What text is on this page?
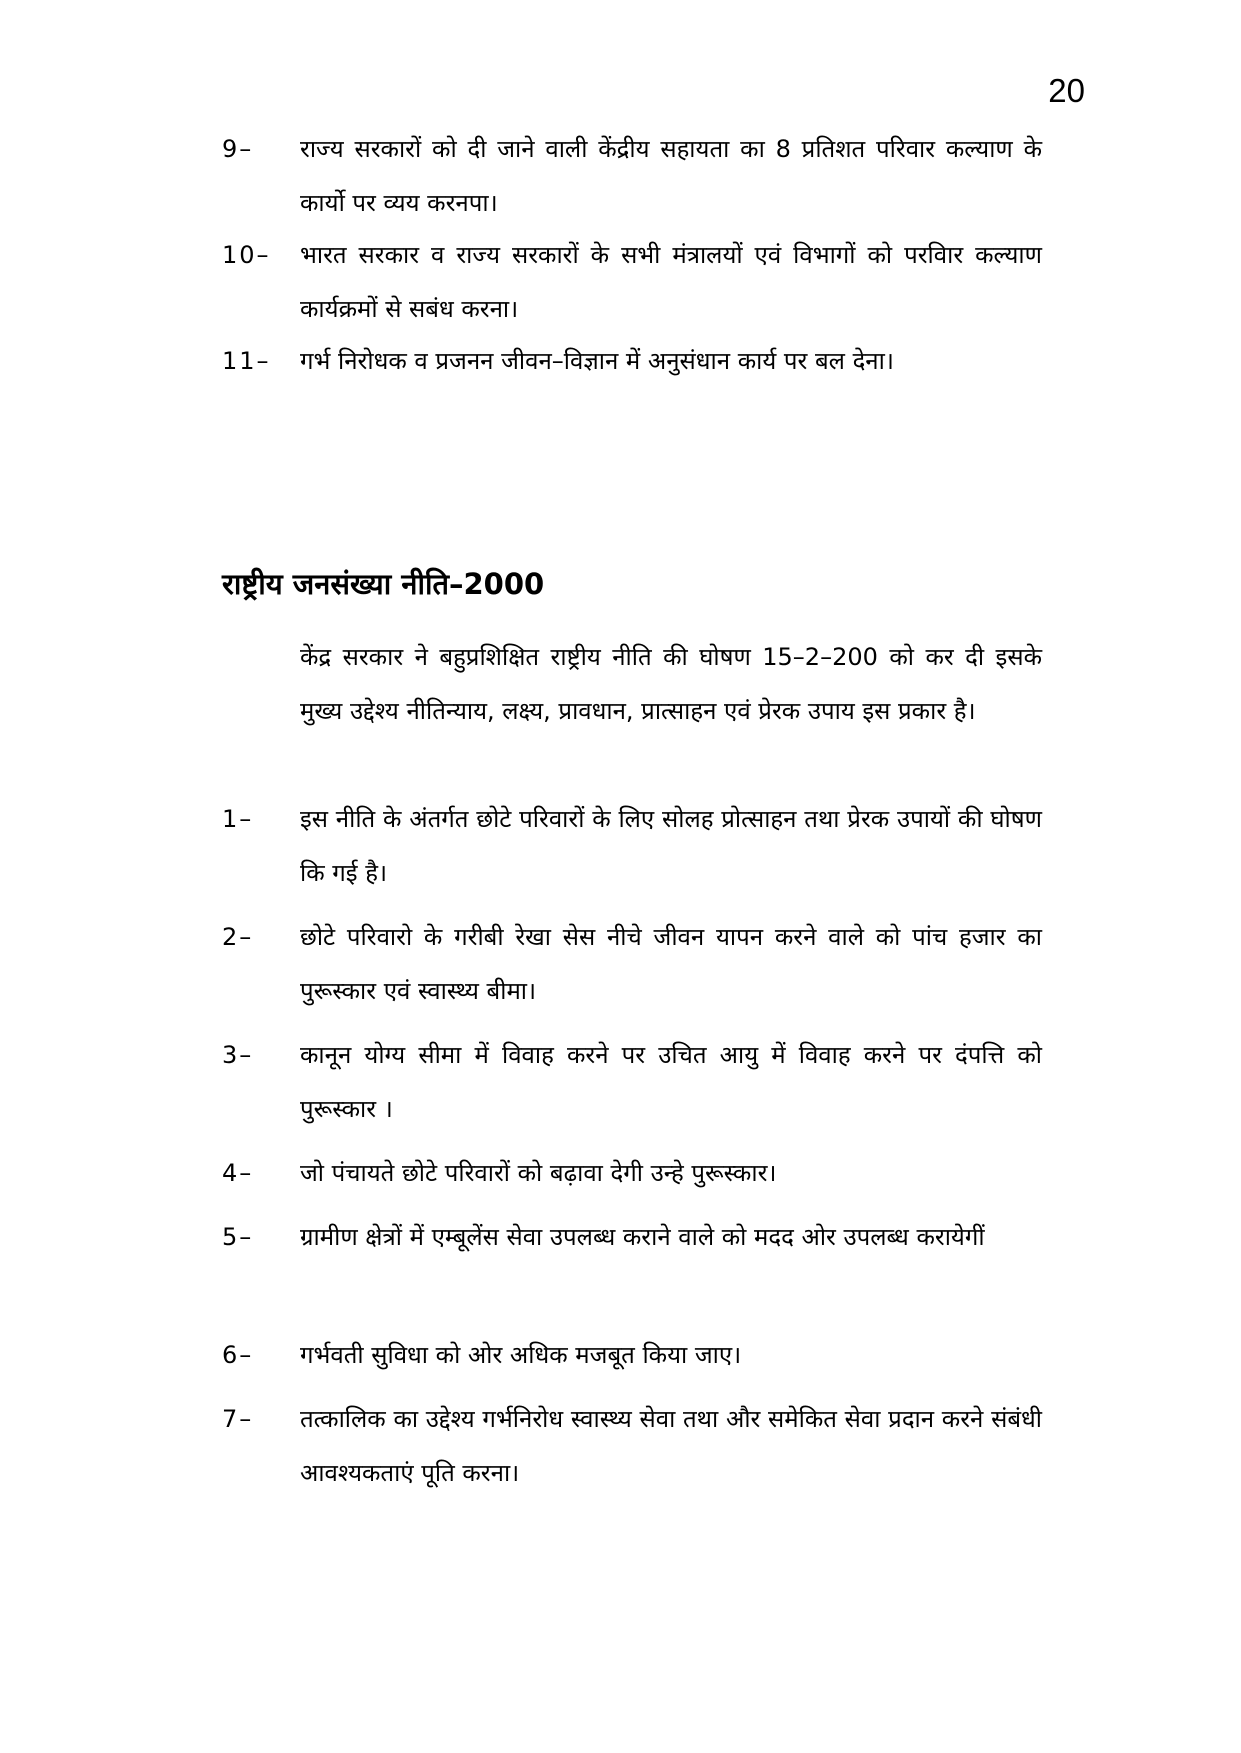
20
9–	राज्य सरकारों को दी जाने वाली केंद्रीय सहायता का 8 प्रतिशत परिवार कल्याण के कार्यो पर व्यय करनपा।
10–	भारत सरकार व राज्य सरकारों के सभी मंत्रालयों एवं विभागों को परविार कल्याण कार्यक्रमों से सबंध करना।
11–	गर्भ निरोधक व प्रजनन जीवन–विज्ञान में अनुसंधान कार्य पर बल देना।
राष्ट्रीय जनसंख्या नीति–2000
केंद्र सरकार ने बहुप्रशिक्षित राष्ट्रीय नीति की घोषण 15–2–200 को कर दी इसके मुख्य उद्देश्य नीतिन्याय, लक्ष्य, प्रावधान, प्रात्साहन एवं प्रेरक उपाय इस प्रकार है।
1–	इस नीति के अंतर्गत छोटे परिवारों के लिए सोलह प्रोत्साहन तथा प्रेरक उपायों की घोषण कि गई है।
2–	छोटे परिवारो के गरीबी रेखा सेस नीचे जीवन यापन करने वाले को पांच हजार का पुरूस्कार एवं स्वास्थ्य बीमा।
3–	कानून योग्य सीमा में विवाह करने पर उचित आयु में विवाह करने पर दंपत्ति को पुरूस्कार ।
4–	जो पंचायते छोटे परिवारों को बढ़ावा देगी उन्हे पुरूस्कार।
5–	ग्रामीण क्षेत्रों में एम्बूलेंस सेवा उपलब्ध कराने वाले को मदद ओर उपलब्ध करायेगीं
6–	गर्भवती सुविधा को ओर अधिक मजबूत किया जाए।
7–	तत्कालिक का उद्देश्य गर्भनिरोध स्वास्थ्य सेवा तथा और समेकित सेवा प्रदान करने संबंधी आवश्यकताएं पूति करना।
